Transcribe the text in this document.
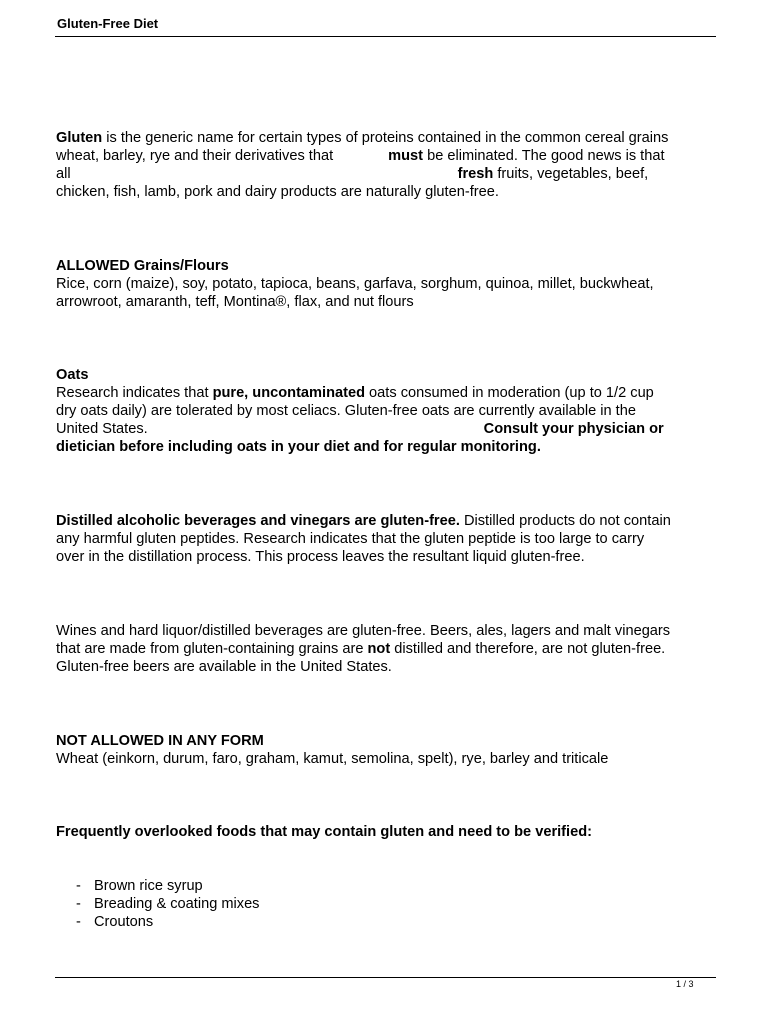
Gluten-Free Diet
Gluten is the generic name for certain types of proteins contained in the common cereal grains
wheat, barley, rye and their derivatives that	must be eliminated. The good news is that
all	fresh fruits, vegetables, beef,
chicken, fish, lamb, pork and dairy products are naturally gluten-free.
ALLOWED Grains/Flours
Rice, corn (maize), soy, potato, tapioca, beans, garfava, sorghum, quinoa, millet, buckwheat,
arrowroot, amaranth, teff, Montina®, flax, and nut flours
Oats
Research indicates that pure, uncontaminated oats consumed in moderation (up to 1/2 cup
dry oats daily) are tolerated by most celiacs. Gluten-free oats are currently available in the
United States.	Consult your physician or
dietician before including oats in your diet and for regular monitoring.
Distilled alcoholic beverages and vinegars are gluten-free. Distilled products do not contain
any harmful gluten peptides. Research indicates that the gluten peptide is too large to carry
over in the distillation process. This process leaves the resultant liquid gluten-free.
Wines and hard liquor/distilled beverages are gluten-free. Beers, ales, lagers and malt vinegars
that are made from gluten-containing grains are not distilled and therefore, are not gluten-free.
Gluten-free beers are available in the United States.
NOT ALLOWED IN ANY FORM
Wheat (einkorn, durum, faro, graham, kamut, semolina, spelt), rye, barley and triticale
Frequently overlooked foods that may contain gluten and need to be verified:
- Brown rice syrup
- Breading & coating mixes
- Croutons
1 / 3
